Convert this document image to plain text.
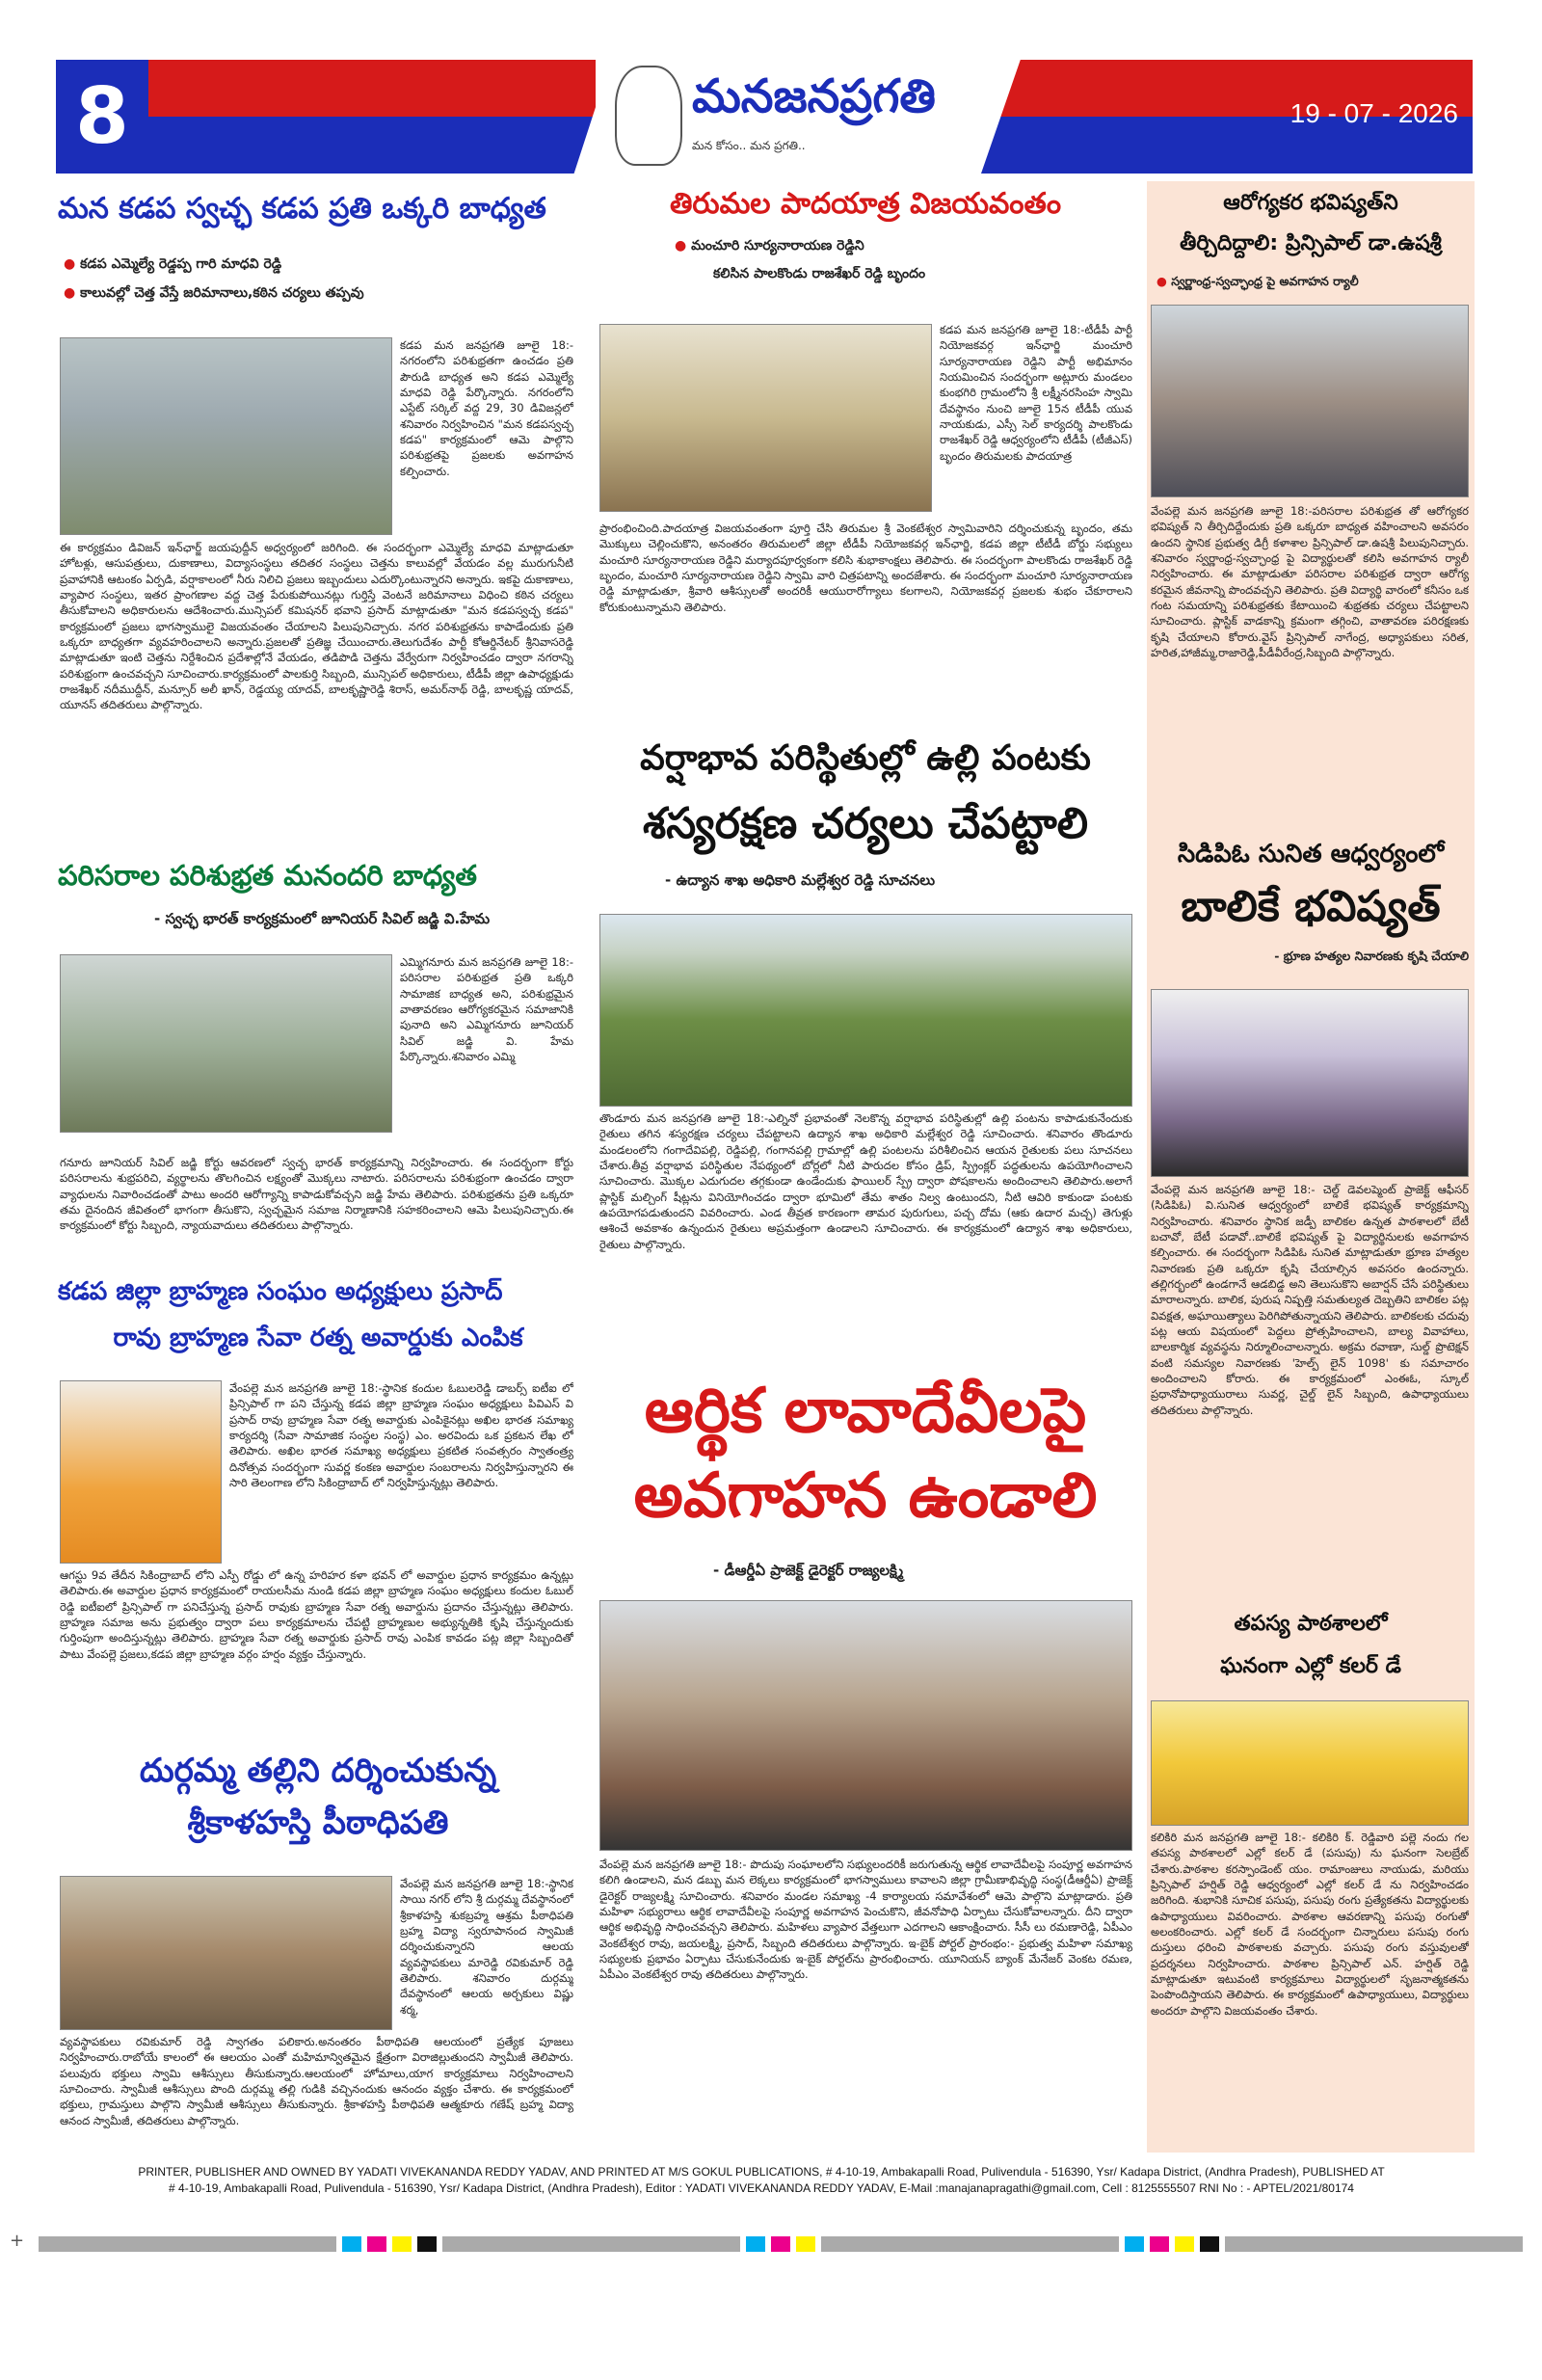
8	మనజనప్రగతి
మన కోసం.. మన ప్రగతి..
19 - 07 - 2026
మన కడప స్వచ్ఛ కడప ప్రతి ఒక్కరి బాధ్యత
● కడప ఎమ్మెల్యే రెడ్డప్ప గారి మాధవి రెడ్డి
● కాలువల్లో చెత్త వేస్తే జరిమానాలు,కఠిన చర్యలు తప్పవు
కడప మన జనప్రగతి జూలై 18:-నగరంలోని పరిశుభ్రతగా ఉంచడం ప్రతి పౌరుడి బాధ్యత అని కడప ఎమ్మెల్యే మాధవి రెడ్డి పేర్కొన్నారు. నగరంలోని ఎస్టేట్ సర్కిల్ వద్ద 29, 30 డివిజన్లలో శనివారం నిర్వహించిన "మన కడపస్వచ్ఛ కడప" కార్యక్రమంలో ఆమె పాల్గొని పరిశుభ్రతపై ప్రజలకు అవగాహన కల్పించారు.
ఈ కార్యక్రమం డివిజన్ ఇన్‌ఛార్జ్ జయపుద్దీన్ అధ్వర్యంలో జరిగింది. ఈ సందర్భంగా ఎమ్మెల్యే మాధవి మాట్లాడుతూ హోటళ్లు, ఆసుపత్రులు, దుకాణాలు, విద్యాసంస్థలు తదితర సంస్థలు చెత్తను కాలువల్లో వేయడం వల్ల మురుగునీటి ప్రవాహానికి ఆటంకం ఏర్పడి, వర్షాకాలంలో నీరు నిలిచి ప్రజలు ఇబ్బందులు ఎదుర్కొంటున్నారని అన్నారు. ఇకపై దుకాణాలు, వ్యాపార సంస్థలు, ఇతర ప్రాంగణాల వద్ద చెత్త పేరుకుపోయినట్లు గుర్తిస్తే వెంటనే జరిమానాలు విధించి కఠిన చర్యలు తీసుకోవాలని అధికారులను ఆదేశించారు.మున్సిపల్ కమిషనర్ భవాని ప్రసాద్ మాట్లాడుతూ "మన కడపస్వచ్ఛ కడప" కార్యక్రమంలో ప్రజలు భాగస్వాములై విజయవంతం చేయాలని పిలుపునిచ్చారు. నగర పరిశుభ్రతను కాపాడేందుకు ప్రతి ఒక్కరూ బాధ్యతగా వ్యవహరించాలని అన్నారు.ప్రజలతో ప్రతిజ్ఞ చేయించారు.తెలుగుదేశం పార్టీ కోఆర్డినేటర్ శ్రీనివాసరెడ్డి మాట్లాడుతూ ఇంటి చెత్తను నిర్దేశించిన ప్రదేశాల్లోనే వేయడం, తడిపొడి చెత్తను వేర్వేరుగా నిర్వహించడం ద్వారా నగరాన్ని పరిశుభ్రంగా ఉంచవచ్చని సూచించారు.కార్యక్రమంలో పాలకుర్తి సిబ్బంది, మున్సిపల్ అధికారులు, టీడీపీ జిల్లా ఉపాధ్యక్షుడు రాజశేఖర్ నదీముద్దీన్, మన్సూర్ అలీ ఖాన్, రెడ్డయ్య యాదవ్, బాలకృష్ణారెడ్డి శిరాస్, అమర్‌నాథ్ రెడ్డి, బాలకృష్ణ యాదవ్, యూనస్ తదితరులు పాల్గొన్నారు.
పరిసరాల పరిశుభ్రత మనందరి బాధ్యత
- స్వచ్ఛ భారత్ కార్యక్రమంలో జూనియర్ సివిల్ జడ్జి వి.హేమ
ఎమ్మిగనూరు మన జనప్రగతి జూలై 18:-పరిసరాల పరిశుభ్రత ప్రతి ఒక్కరి సామాజిక బాధ్యత అని, పరిశుభ్రమైన వాతావరణం ఆరోగ్యకరమైన సమాజానికి పునాది అని ఎమ్మిగనూరు జూనియర్ సివిల్ జడ్జి వి. హేమ పేర్కొన్నారు.శనివారం ఎమ్మి
గనూరు జూనియర్ సివిల్ జడ్జి కోర్టు ఆవరణలో స్వచ్ఛ భారత్ కార్యక్రమాన్ని నిర్వహించారు. ఈ సందర్భంగా కోర్టు పరిసరాలను శుభ్రపరిచి, వ్యర్థాలను తొలగించిన లక్ష్యంతో మొక్కలు నాటారు. పరిసరాలను పరిశుభ్రంగా ఉంచడం ద్వారా వ్యాధులను నివారించడంతో పాటు అందరి ఆరోగ్యాన్ని కాపాడుకోవచ్చని జడ్జి హేమ తెలిపారు. పరిశుభ్రతను ప్రతి ఒక్కరూ తమ దైనందిన జీవితంలో భాగంగా తీసుకొని, స్వచ్ఛమైన సమాజ నిర్మాణానికి సహకరించాలని ఆమె పిలుపునిచ్చారు.ఈ కార్యక్రమంలో కోర్టు సిబ్బంది, న్యాయవాదులు తదితరులు పాల్గొన్నారు.
కడప జిల్లా బ్రాహ్మణ సంఘం అధ్యక్షులు ప్రసాద్
రావు బ్రాహ్మణ సేవా రత్న అవార్డుకు ఎంపిక
వేంపల్లె మన జనప్రగతి జూలై 18:-స్థానిక కందుల ఓబులరెడ్డి డాబర్స్ ఐటీఐ లో ప్రిన్సిపాల్ గా పని చేస్తున్న కడప జిల్లా బ్రాహ్మణ సంఘం అధ్యక్షులు పివిఎస్ వి ప్రసాద్ రావు బ్రాహ్మణ సేవా రత్న అవార్డుకు ఎంపికైనట్లు అఖిల భారత సమాఖ్య కార్యదర్శి (సేవా సామాజిక సంస్థల సంస్థ) ఎం. అరవిందు ఒక ప్రకటన లేఖ లో తెలిపారు. అఖిల భారత సమాఖ్య అధ్యక్షులు ప్రకటిత సంవత్సరం స్వాతంత్ర్య దినోత్సవ సందర్భంగా సువర్ణ కంకణ అవార్డుల సంబరాలను నిర్వహిస్తున్నారని ఈ సారి తెలంగాణ లోని సికింద్రాబాద్ లో నిర్వహిస్తున్నట్లు తెలిపారు.
ఆగస్టు 9వ తేదీన సికింద్రాబాద్ లోని ఎస్పీ రోడ్డు లో ఉన్న హరిహర కళా భవన్ లో అవార్డుల ప్రధాన కార్యక్రమం ఉన్నట్లు తెలిపారు.ఈ అవార్డుల ప్రధాన కార్యక్రమంలో రాయలసీమ నుండి కడప జిల్లా బ్రాహ్మణ సంఘం అధ్యక్షులు కందుల ఓబుల్ రెడ్డి ఐటీఐలో ప్రిన్సిపాల్ గా పనిచేస్తున్న ప్రసాద్ రావుకు బ్రాహ్మణ సేవా రత్న అవార్డును ప్రదానం చేస్తున్నట్లు తెలిపారు. బ్రాహ్మణ సమాజ అను ప్రభుత్వం ద్వారా పలు కార్యక్రమాలను చేపట్టి బ్రాహ్మణుల అభ్యున్నతికి కృషి చేస్తున్నందుకు గుర్తింపుగా అందిస్తున్నట్లు తెలిపారు. బ్రాహ్మణ సేవా రత్న అవార్డుకు ప్రసాద్ రావు ఎంపిక కావడం పట్ల జిల్లా సిబ్బందితో పాటు వేంపల్లె ప్రజలు,కడప జిల్లా బ్రాహ్మణ వర్గం హర్షం వ్యక్తం చేస్తున్నారు.
దుర్గమ్మ తల్లిని దర్శించుకున్న
శ్రీకాళహస్తి పీఠాధిపతి
వేంపల్లె మన జనప్రగతి జూలై 18:-స్థానిక సాయి నగర్ లోని శ్రీ దుర్గమ్మ దేవస్థానంలో శ్రీకాళహస్తి శుకబ్రహ్మ ఆశ్రమ పీఠాధిపతి బ్రహ్మ విద్యా స్వరూపానంద స్వామిజీ దర్శించుకున్నారని ఆలయ వ్యవస్థాపకులు మారెడ్డి రవికుమార్ రెడ్డి తెలిపారు. శనివారం దుర్గమ్మ దేవస్థానంలో ఆలయ అర్చకులు విష్ణు శర్మ,
వ్యవస్థాపకులు రవికుమార్ రెడ్డి స్వాగతం పలికారు.అనంతరం పీఠాధిపతి ఆలయంలో ప్రత్యేక పూజలు నిర్వహించారు.రాబోయే కాలంలో ఈ ఆలయం ఎంతో మహిమాన్వితమైన క్షేత్రంగా విరాజిల్లుతుందని స్వామీజీ తెలిపారు. పలువురు భక్తులు స్వామి ఆశీస్సులు తీసుకున్నారు.ఆలయంలో హోమాలు,యాగ కార్యక్రమాలు నిర్వహించాలని సూచించారు. స్వామీజీ ఆశీస్సులు పొంది దుర్గమ్మ తల్లి గుడికి వచ్చినందుకు ఆనందం వ్యక్తం చేశారు. ఈ కార్యక్రమంలో భక్తులు, గ్రామస్తులు పాల్గొని స్వామీజీ ఆశీస్సులు తీసుకున్నారు. శ్రీకాళహస్తి పీఠాధిపతి ఆత్మకూరు గణేష్ బ్రహ్మ విద్యా ఆనంద స్వామీజీ, తదితరులు పాల్గొన్నారు.
తిరుమల పాదయాత్ర విజయవంతం
● మంచూరి సూర్యనారాయణ రెడ్డిని
కలిసిన పాలకొండు రాజశేఖర్ రెడ్డి బృందం
కడప మన జనప్రగతి జూలై 18:-టీడీపీ పార్టీ నియోజకవర్గ ఇన్‌ఛార్జి మంచూరి సూర్యనారాయణ రెడ్డిని పార్టీ అభిమానం నియమించిన సందర్భంగా అట్లూరు మండలం కుంభగిరి గ్రామంలోని శ్రీ లక్ష్మీనరసింహ స్వామి దేవస్థానం నుంచి జూలై 15న టీడీపీ యువ నాయకుడు, ఎస్సీ సెల్ కార్యదర్శి పాలకొండు రాజశేఖర్ రెడ్డి ఆధ్వర్యంలోని టీడీపీ (టీజీఎస్‌) బృందం తిరుమలకు పాదయాత్ర
ప్రారంభించింది.పాదయాత్ర విజయవంతంగా పూర్తి చేసి తిరుమల శ్రీ వెంకటేశ్వర స్వామివారిని దర్శించుకున్న బృందం, తమ మొక్కులు చెల్లించుకొని, అనంతరం తిరుమలలో జిల్లా టీడీపీ నియోజకవర్గ ఇన్‌ఛార్జి, కడప జిల్లా టీటీడీ బోర్డు సభ్యులు మంచూరి సూర్యనారాయణ రెడ్డిని మర్యాదపూర్వకంగా కలిసి శుభాకాంక్షలు తెలిపారు. ఈ సందర్భంగా పాలకొండు రాజశేఖర్ రెడ్డి బృందం, మంచూరి సూర్యనారాయణ రెడ్డిని స్వామి వారి చిత్రపటాన్ని అందజేశారు. ఈ సందర్భంగా మంచూరి సూర్యనారాయణ రెడ్డి మాట్లాడుతూ, శ్రీవారి ఆశీస్సులతో అందరికీ ఆయురారోగ్యాలు కలగాలని, నియోజకవర్గ ప్రజలకు శుభం చేకూరాలని కోరుకుంటున్నామని తెలిపారు.
వర్షాభావ పరిస్థితుల్లో ఉల్లి పంటకు
శస్యరక్షణ చర్యలు చేపట్టాలి
- ఉద్యాన శాఖ అధికారి మల్లేశ్వర రెడ్డి సూచనలు
తొండూరు మన జనప్రగతి జూలై 18:-ఎల్నినో ప్రభావంతో నెలకొన్న వర్షాభావ పరిస్థితుల్లో ఉల్లి పంటను కాపాడుకునేందుకు రైతులు తగిన శస్యరక్షణ చర్యలు చేపట్టాలని ఉద్యాన శాఖ అధికారి మల్లేశ్వర రెడ్డి సూచించారు. శనివారం తొండూరు మండలంలోని గంగాదేవిపల్లి, రెడ్డిపల్లి, గంగానపల్లి గ్రామాల్లో ఉల్లి పంటలను పరిశీలించిన ఆయన రైతులకు పలు సూచనలు చేశారు.తీవ్ర వర్షాభావ పరిస్థితుల నేపథ్యంలో బోర్లలో నీటి పారుదల కోసం డ్రిప్, స్ప్రింక్లర్ పద్ధతులను ఉపయోగించాలని సూచించారు. మొక్కల ఎదుగుదల తగ్గకుండా ఉండేందుకు ఫాయిలర్ స్ప్రే ద్వారా పోషకాలను అందించాలని తెలిపారు.అలాగే ప్లాస్టిక్ మల్చింగ్ షీట్లను వినియోగించడం ద్వారా భూమిలో తేమ శాతం నిల్వ ఉంటుందని, నీటి ఆవిరి కాకుండా పంటకు ఉపయోగపడుతుందని వివరించారు. ఎండ తీవ్రత కారణంగా తామర పురుగులు, పచ్చ దోమ (ఆకు ఉదార మచ్చ) తెగుళ్లు ఆశించే అవకాశం ఉన్నందున రైతులు అప్రమత్తంగా ఉండాలని సూచించారు. ఈ కార్యక్రమంలో ఉద్యాన శాఖ అధికారులు, రైతులు పాల్గొన్నారు.
ఆర్థిక లావాదేవీలపై
అవగాహన ఉండాలి
- డీఆర్డీఏ ప్రాజెక్ట్ డైరెక్టర్ రాజ్యలక్ష్మి
వేంపల్లె మన జనప్రగతి జూలై 18:- పొదుపు సంఘాలలోని సభ్యులందరికీ జరుగుతున్న ఆర్థిక లావాదేవీలపై సంపూర్ణ అవగాహన కలిగి ఉండాలని, మన డబ్బు మన లెక్కలు కార్యక్రమంలో భాగస్వాములు కావాలని జిల్లా గ్రామీణాభివృద్ధి సంస్థ(డీఆర్డీఏ) ప్రాజెక్ట్ డైరెక్టర్ రాజ్యలక్ష్మి సూచించారు. శనివారం మండల సమాఖ్య -4 కార్యాలయ సమావేశంలో ఆమె పాల్గొని మాట్లాడారు. ప్రతి మహిళా సభ్యురాలు ఆర్థిక లావాదేవీలపై సంపూర్ణ అవగాహన పెంచుకొని, జీవనోపాధి ఏర్పాటు చేసుకోవాలన్నారు. దీని ద్వారా ఆర్థిక అభివృద్ధి సాధించవచ్చని తెలిపారు. మహిళలు వ్యాపార వేత్తలుగా ఎదగాలని ఆకాంక్షించారు. సీసీ లు రమణారెడ్డి, ఏపీఎం వెంకటేశ్వర రావు, జయలక్ష్మి, ప్రసాద్, సిబ్బంది తదితరులు పాల్గొన్నారు. ఇ-బైక్ పోర్టల్ ప్రారంభం:- ప్రభుత్వ మహిళా సమాఖ్య సభ్యులకు ప్రభావం ఏర్పాటు చేసుకునేందుకు ఇ-బైక్ పోర్టల్‌ను ప్రారంభించారు. యూనియన్ బ్యాంక్ మేనేజర్ వెంకట రమణ, ఏపీఎం వెంకటేశ్వర రావు తదితరులు పాల్గొన్నారు.
ఆరోగ్యకర భవిష్యత్‌ని
తీర్చిదిద్దాలి: ప్రిన్సిపాల్ డా.ఉషశ్రీ
● స్వర్ణాంధ్ర-స్వచ్ఛాంధ్ర పై అవగాహన ర్యాలీ
వేంపల్లె మన జనప్రగతి జూలై 18:-పరిసరాల పరిశుభ్రత తో ఆరోగ్యకర భవిష్యత్ ని తీర్చిదిద్దేందుకు ప్రతి ఒక్కరూ బాధ్యత వహించాలని అవసరం ఉందని స్థానిక ప్రభుత్వ డిగ్రీ కళాశాల ప్రిన్సిపాల్ డా.ఉషశ్రీ పిలుపునిచ్చారు. శనివారం స్వర్ణాంధ్ర-స్వచ్ఛాంధ్ర పై విద్యార్థులతో కలిసి అవగాహన ర్యాలీ నిర్వహించారు. ఈ మాట్లాడుతూ పరిసరాల పరిశుభ్రత ద్వారా ఆరోగ్య కరమైన జీవనాన్ని పొందవచ్చని తెలిపారు. ప్రతి విద్యార్థి వారంలో కనీసం ఒక గంట సమయాన్ని పరిశుభ్రతకు కేటాయించి శుభ్రతకు చర్యలు చేపట్టాలని సూచించారు. ప్లాస్టిక్ వాడకాన్ని క్రమంగా తగ్గించి, వాతావరణ పరిరక్షణకు కృషి చేయాలని కోరారు.వైస్ ప్రిన్సిపాల్ నాగేంద్ర, అధ్యాపకులు సరిత, హరిత,హాజీమ్మ,రాజారెడ్డి,పీడీవీరేంద్ర,సిబ్బంది పాల్గొన్నారు.
సిడిపిఓ సునిత ఆధ్వర్యంలో
బాలికే భవిష్యత్
- భ్రూణ హత్యల నివారణకు కృషి చేయాలి
వేంపల్లె మన జనప్రగతి జూలై 18:- చెల్డ్ డెవలప్మెంట్ ప్రాజెక్ట్ ఆఫీసర్ (సిడిపిఓ) వి.సునిత ఆధ్వర్యంలో బాలికే భవిష్యత్ కార్యక్రమాన్ని నిర్వహించారు. శనివారం స్థానిక జడ్పీ బాలికల ఉన్నత పాఠశాలలో బేటీ బచావో, బేటీ పడావో..బాలికే భవిష్యత్ పై విద్యార్థినులకు అవగాహన కల్పించారు. ఈ సందర్భంగా సిడిపిఓ సునిత మాట్లాడుతూ భ్రూణ హత్యల నివారణకు ప్రతి ఒక్కరూ కృషి చేయాల్సిన అవసరం ఉందన్నారు. తల్లిగర్భంలో ఉండగానే ఆడబిడ్డ అని తెలుసుకొని అబార్షన్ చేసే పరిస్థితులు మారాలన్నారు. బాలిక, పురుష నిష్పత్తి సమతుల్యత దెబ్బతిని బాలికల పట్ల వివక్షత, అఘాయిత్యాలు పెరిగిపోతున్నాయని తెలిపారు. బాలికలకు చదువు పట్ల ఆయ విషయంలో పెద్దలు ప్రోత్సహించాలని, బాల్య వివాహాలు, బాలకార్మిక వ్యవస్థను నిర్మూలించాలన్నారు. అక్రమ రవాణా, సుల్డ్ ప్రొటెక్షన్ వంటి సమస్యల నివారణకు 'హెల్ప్ లైన్ 1098' కు సమాచారం అందించాలని కోరారు. ఈ కార్యక్రమంలో ఎంఈఓ, స్కూల్ ప్రధానోపాధ్యాయురాలు సువర్ణ, చైల్డ్ లైన్ సిబ్బంది, ఉపాధ్యాయులు తదితరులు పాల్గొన్నారు.
తపస్య పాఠశాలలో
ఘనంగా ఎల్లో కలర్ డే
కలికిరి మన జనప్రగతి జూలై 18:- కలికిరి క్. రెడ్డివారి పల్లె నందు గల తపస్య పాఠశాలలో ఎల్లో కలర్ డే (పసుపు) ను ఘనంగా సెలబ్రేట్ చేశారు.పాఠశాల కరస్పాండెంట్ యం. రామాంజులు నాయుడు, మరియు ప్రిన్సిపాల్ హర్షిత్ రెడ్డి ఆధ్వర్యంలో ఎల్లో కలర్ డే ను నిర్వహించడం జరిగింది. శుభానికి సూచిక పసుపు, పసుపు రంగు ప్రత్యేకతను విద్యార్థులకు ఉపాధ్యాయులు వివరించారు. పాఠశాల ఆవరణాన్ని పసుపు రంగుతో అలంకరించారు. ఎల్లో కలర్ డే సందర్భంగా చిన్నారులు పసుపు రంగు దుస్తులు ధరించి పాఠశాలకు వచ్చారు. పసుపు రంగు వస్తువులతో ప్రదర్శనలు నిర్వహించారు. పాఠశాల ప్రిన్సిపాల్ ఎన్. హర్షిత్ రెడ్డి మాట్లాడుతూ ఇటువంటి కార్యక్రమాలు విద్యార్థులలో సృజనాత్మకతను పెంపొందిస్తాయని తెలిపారు. ఈ కార్యక్రమంలో ఉపాధ్యాయులు, విద్యార్థులు అందరూ పాల్గొని విజయవంతం చేశారు.
PRINTER, PUBLISHER AND OWNED BY YADATI VIVEKANANDA REDDY YADAV, AND PRINTED AT M/S GOKUL PUBLICATIONS, # 4-10-19, Ambakapalli Road, Pulivendula - 516390, Ysr/ Kadapa District, (Andhra Pradesh), PUBLISHED AT
# 4-10-19, Ambakapalli Road, Pulivendula - 516390, Ysr/ Kadapa District, (Andhra Pradesh), Editor : YADATI VIVEKANANDA REDDY YADAV, E-Mail :manajanapragathi@gmail.com, Cell : 8125555507 RNI No : - APTEL/2021/80174
+
